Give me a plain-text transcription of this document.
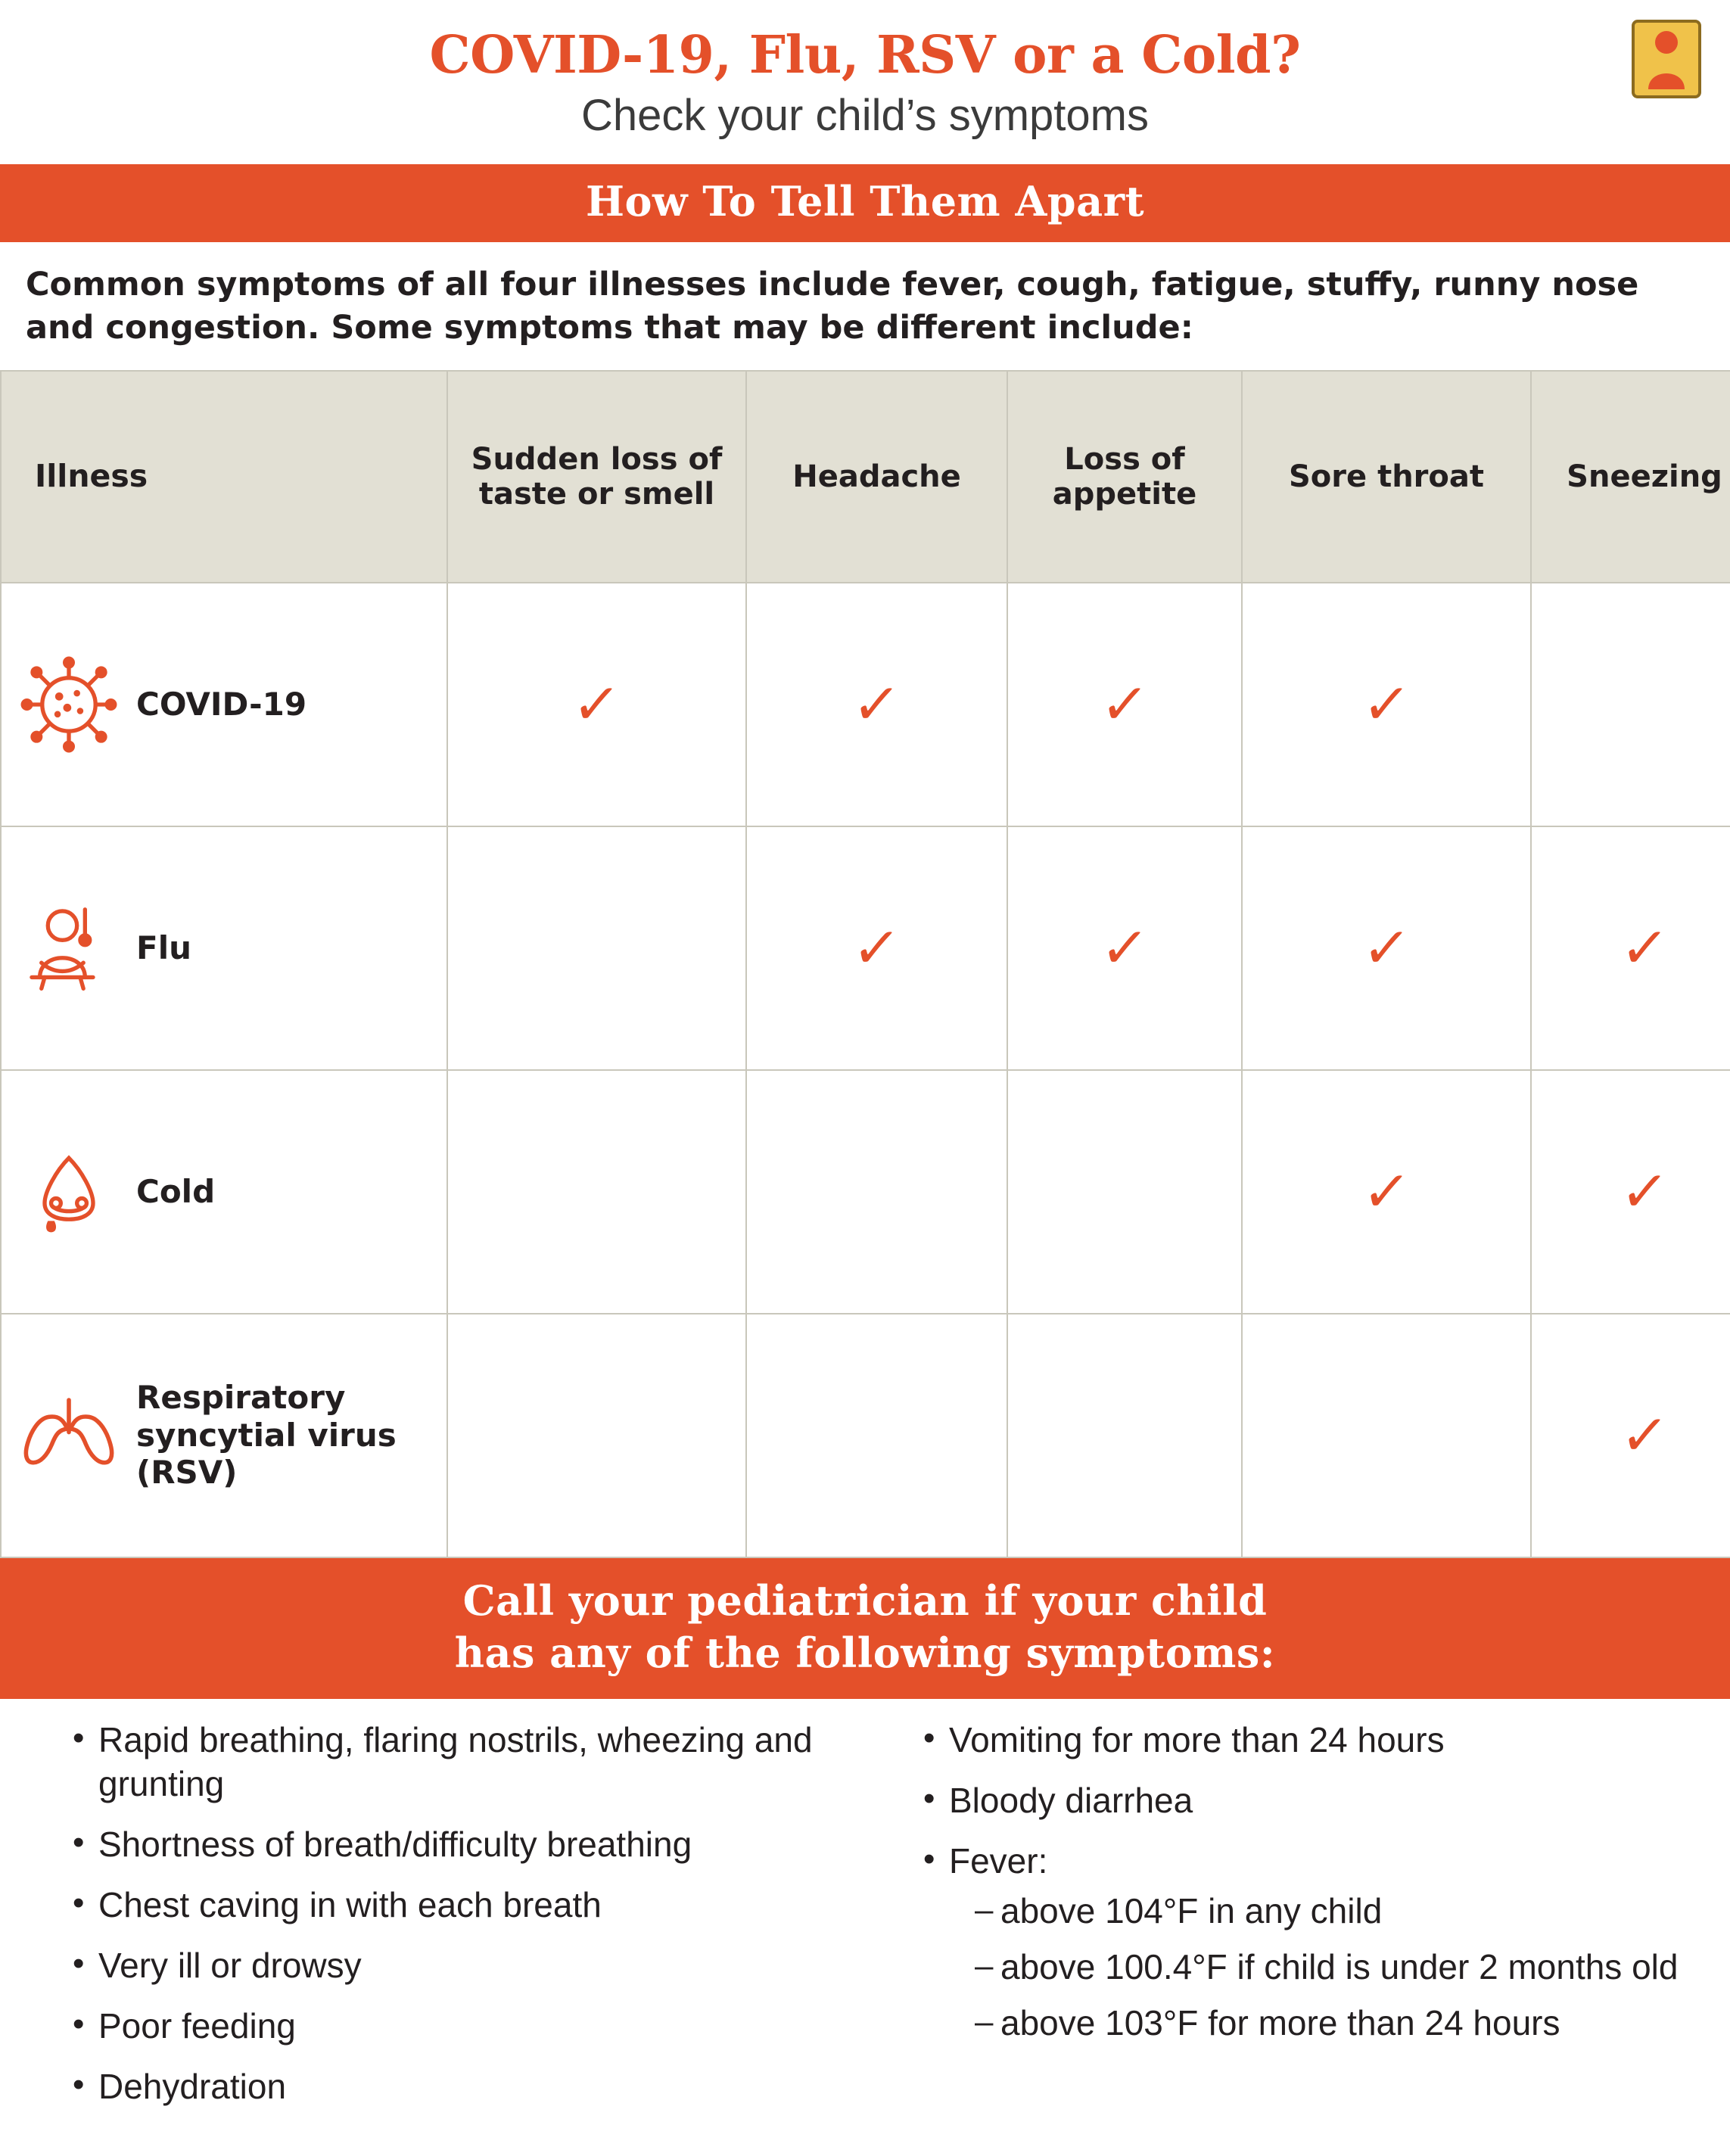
COVID-19, Flu, RSV or a Cold?
Check your child’s symptoms
How To Tell Them Apart
Common symptoms of all four illnesses include fever, cough, fatigue, stuffy, runny nose and congestion. Some symptoms that may be different include:
Illness	Sudden loss of taste or smell	Headache	Loss of appetite	Sore throat	Sneezing

COVID-19	✓	✓	✓	✓	

Flu		✓	✓	✓	✓

Cold				✓	✓

Respiratory syncytial virus (RSV)					✓
Call your pediatrician if your child
has any of the following symptoms:
• Rapid breathing, flaring nostrils, wheezing and grunting
• Shortness of breath/difficulty breathing
• Chest caving in with each breath
• Very ill or drowsy
• Poor feeding
• Dehydration
• Vomiting for more than 24 hours
• Bloody diarrhea
• Fever:
– above 104°F in any child
– above 100.4°F if child is under 2 months old
– above 103°F for more than 24 hours
